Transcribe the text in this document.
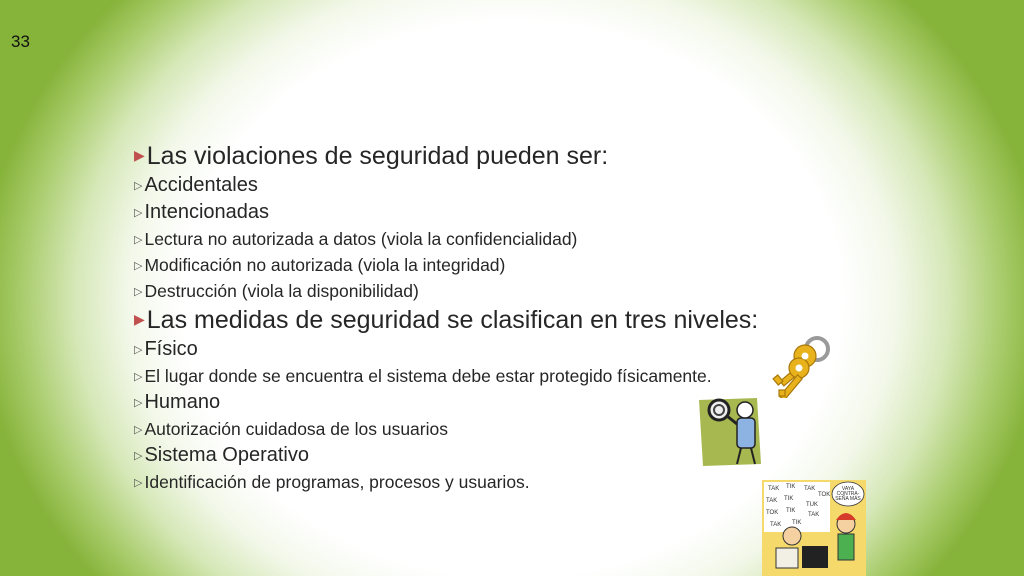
33
▶ Las violaciones de seguridad pueden ser:
▷ Accidentales
▷ Intencionadas
▷ Lectura no autorizada a datos (viola la confidencialidad)
▷ Modificación no autorizada (viola la integridad)
▷ Destrucción (viola la disponibilidad)
▶ Las medidas de seguridad se clasifican en tres niveles:
▷ Físico
▷ El lugar donde se encuentra el sistema debe estar protegido físicamente.
▷ Humano
▷ Autorización cuidadosa de los usuarios
▷ Sistema Operativo
▷ Identificación de programas, procesos y usuarios.	TAK TIK TAK
TOK
TAK TIK
TUK
TOK TIK
TAK
TAK TIK
VAYA
CONTRA-
SEÑA MÁS
